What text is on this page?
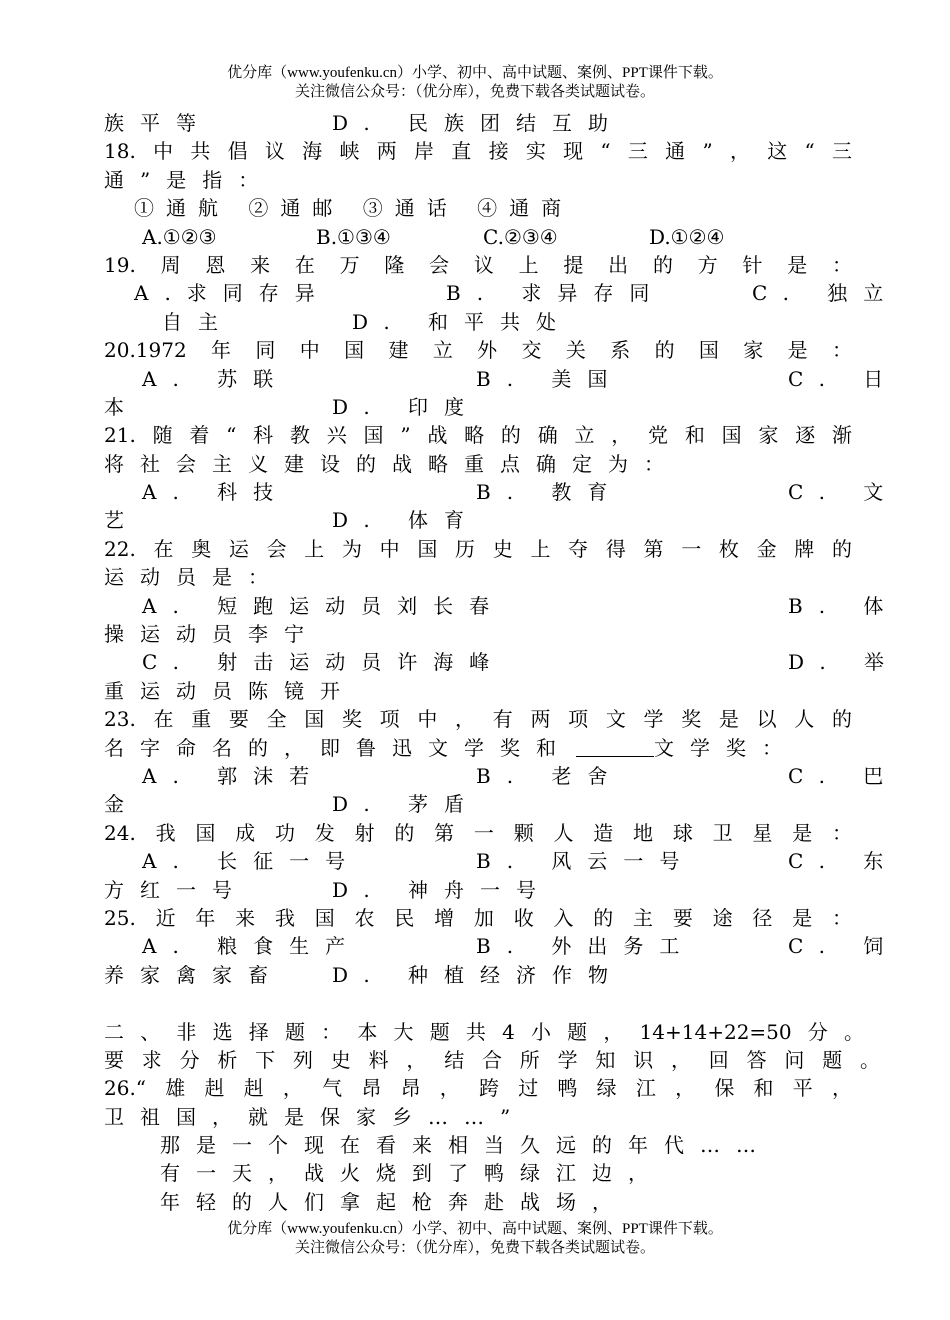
优分库（www.youfenku.cn）小学、初中、高中试题、案例、PPT课件下载。
关注微信公众号：（优分库），免费下载各类试题试卷。
族平等	D. 民族团结互助
18.中共倡议海峡两岸直接实现“三通”，这“三
通”是指：
①通航 ②通邮 ③通话 ④通商
A.①②③	B.①③④	C.②③④	D.①②④
19.周恩来在万隆会议上提出的方针是：
A.求同存异	B. 求异存同	C. 独立
自主	D. 和平共处
20.1972年同中国建立外交关系的国家是：
A. 苏联	B. 美国	C. 日
本	D. 印度
21.随着“科教兴国”战略的确立，党和国家逐渐
将社会主义建设的战略重点确定为：
A. 科技	B. 教育	C. 文
艺	D. 体育
22.在奥运会上为中国历史上夺得第一枚金牌的
运动员是：
A. 短跑运动员刘长春	B. 体
操运动员李宁
C. 射击运动员许海峰	D. 举
重运动员陈镜开
23.在重要全国奖项中，有两项文学奖是以人的
名字命名的，即鲁迅文学奖和	文学奖：
A. 郭沫若	B. 老舍	C. 巴
金	D. 茅盾
24.我国成功发射的第一颗人造地球卫星是：
A. 长征一号	B. 风云一号	C. 东
方红一号	D. 神舟一号
25.近年来我国农民增加收入的主要途径是：
A. 粮食生产	B. 外出务工	C. 饲
养家禽家畜 D. 种植经济作物
二、非选择题：本大题共4小题，14+14+22=50分。
要求分析下列史料，结合所学知识，回答问题。
26.“雄赳赳，气昂昂，跨过鸭绿江，保和平，
卫祖国，就是保家乡……”
那是一个现在看来相当久远的年代……
有一天，战火烧到了鸭绿江边，
年轻的人们拿起枪奔赴战场，
优分库（www.youfenku.cn）小学、初中、高中试题、案例、PPT课件下载。
关注微信公众号：（优分库），免费下载各类试题试卷。
